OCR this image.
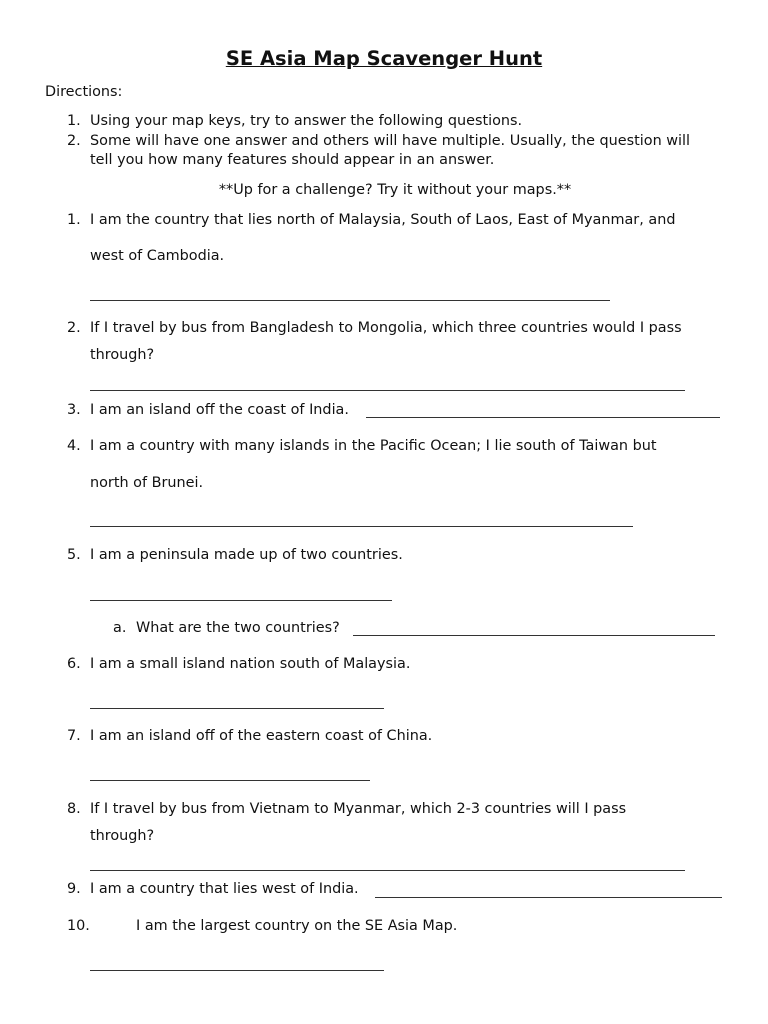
SE Asia Map Scavenger Hunt
Directions:
1. Using your map keys, try to answer the following questions.
2. Some will have one answer and others will have multiple. Usually, the question will
tell you how many features should appear in an answer.
**Up for a challenge? Try it without your maps.**
1. I am the country that lies north of Malaysia, South of Laos, East of Myanmar, and
west of Cambodia.
2. If I travel by bus from Bangladesh to Mongolia, which three countries would I pass
through?
3. I am an island off the coast of India.
4. I am a country with many islands in the Pacific Ocean; I lie south of Taiwan but
north of Brunei.
5. I am a peninsula made up of two countries.
a. What are the two countries?
6. I am a small island nation south of Malaysia.
7. I am an island off of the eastern coast of China.
8. If I travel by bus from Vietnam to Myanmar, which 2-3 countries will I pass
through?
9. I am a country that lies west of India.
10.	I am the largest country on the SE Asia Map.
